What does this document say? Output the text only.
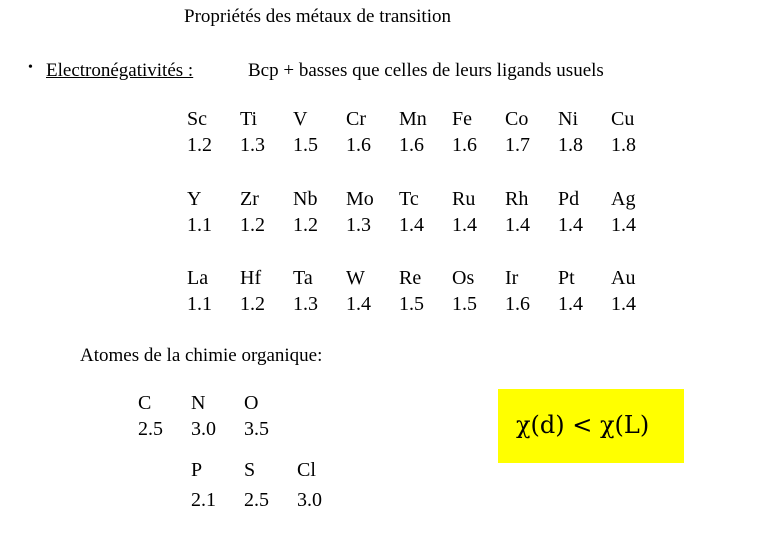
Propriétés des métaux de transition
• Electronégativités :	Bcp + basses que celles de leurs ligands usuels
Sc
1.2
Ti
1.3
V
1.5
Cr
1.6
Mn
1.6
Fe
1.6
Co
1.7
Ni
1.8
Cu
1.8
Y
1.1
Zr
1.2
Nb
1.2
Mo
1.3
Tc
1.4
Ru
1.4
Rh
1.4
Pd
1.4
Ag
1.4
La
1.1
Hf
1.2
Ta
1.3
W
1.4
Re
1.5
Os
1.5
Ir
1.6
Pt
1.4
Au
1.4
Atomes de la chimie organique:
C
2.5
N
3.0
O
3.5
P
2.1
S
2.5
Cl
3.0
χ(d) < χ(L)
